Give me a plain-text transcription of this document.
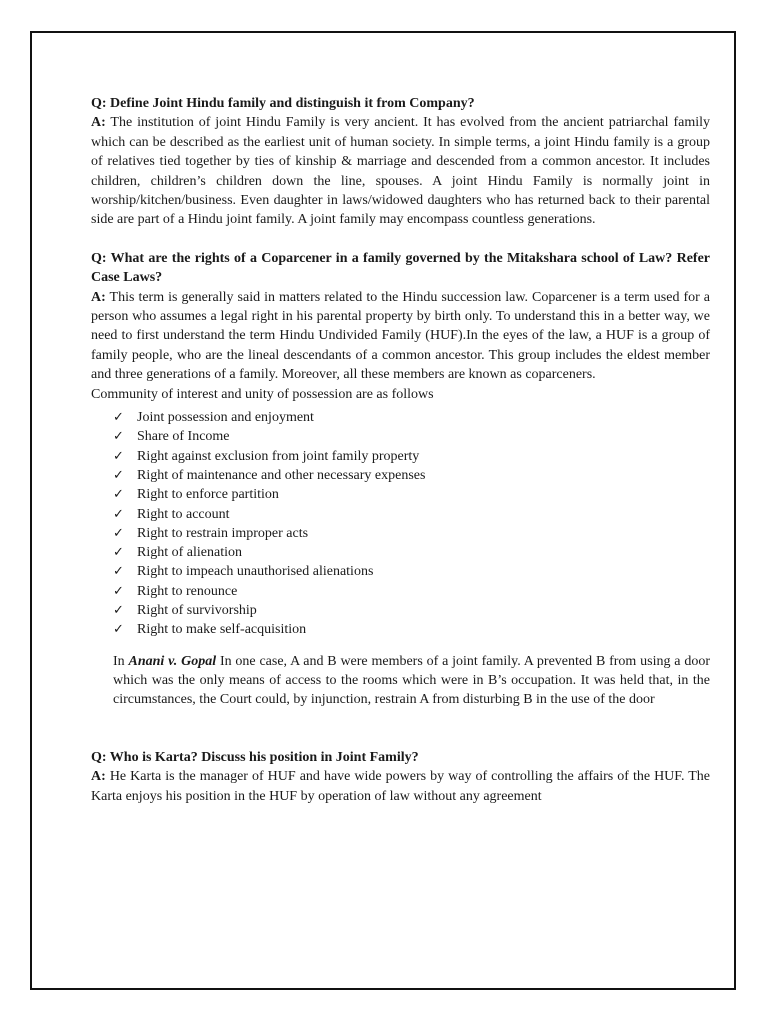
Q: Define Joint Hindu family and distinguish it from Company?
A: The institution of joint Hindu Family is very ancient. It has evolved from the ancient patriarchal family which can be described as the earliest unit of human society. In simple terms, a joint Hindu family is a group of relatives tied together by ties of kinship & marriage and descended from a common ancestor. It includes children, children’s children down the line, spouses. A joint Hindu Family is normally joint in worship/kitchen/business. Even daughter in laws/widowed daughters who has returned back to their parental side are part of a Hindu joint family. A joint family may encompass countless generations.
Q: What are the rights of a Coparcener in a family governed by the Mitakshara school of Law? Refer Case Laws?
A: This term is generally said in matters related to the Hindu succession law. Coparcener is a term used for a person who assumes a legal right in his parental property by birth only. To understand this in a better way, we need to first understand the term Hindu Undivided Family (HUF).In the eyes of the law, a HUF is a group of family people, who are the lineal descendants of a common ancestor. This group includes the eldest member and three generations of a family. Moreover, all these members are known as coparceners.
Community of interest and unity of possession are as follows
✓ Joint possession and enjoyment
✓ Share of Income
✓ Right against exclusion from joint family property
✓ Right of maintenance and other necessary expenses
✓ Right to enforce partition
✓ Right to account
✓ Right to restrain improper acts
✓ Right of alienation
✓ Right to impeach unauthorised alienations
✓ Right to renounce
✓ Right of survivorship
✓ Right to make self-acquisition
In Anani v. Gopal In one case, A and B were members of a joint family. A prevented B from using a door which was the only means of access to the rooms which were in B’s occupation. It was held that, in the circumstances, the Court could, by injunction, restrain A from disturbing B in the use of the door
Q: Who is Karta? Discuss his position in Joint Family?
A: He Karta is the manager of HUF and have wide powers by way of controlling the affairs of the HUF. The Karta enjoys his position in the HUF by operation of law without any agreement
